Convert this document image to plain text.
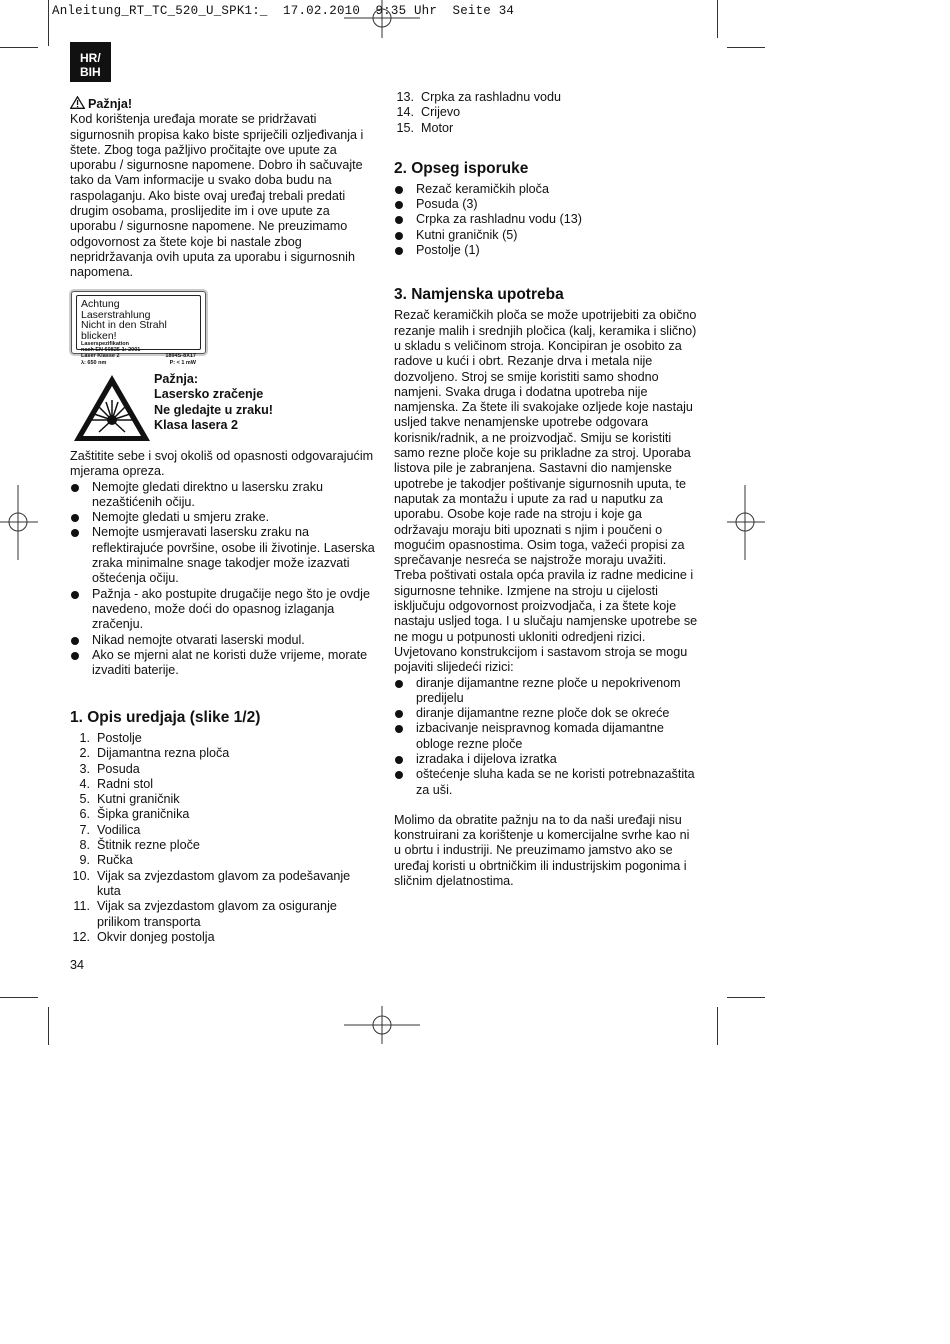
Anleitung_RT_TC_520_U_SPK1:_ 17.02.2010 9:35 Uhr Seite 34
HR/
BIH

Pažnja!

Kod korištenja uređaja morate se pridržavati sigurnosnih propisa kako biste spriječili ozljeđivanja i štete. Zbog toga pažljivo pročitajte ove upute za uporabu / sigurnosne napomene. Dobro ih sačuvajte tako da Vam informacije u svako doba budu na raspolaganju. Ako biste ovaj uređaj trebali predati drugim osobama, proslijedite im i ove upute za uporabu / sigurnosne napomene. Ne preuzimamo odgovornost za štete koje bi nastale zbog nepridržavanja ovih uputa za uporabu i sigurnosnih napomena.

Achtung
Laserstrahlung
Nicht in den Strahl blicken!
Laserspezifikation
nach EN 60825-1: 2001
Laser Klasse 2	1894S-8X17
λ: 650 nm	P: < 1 mW
Pažnja:
Lasersko zračenje
Ne gledajte u zraku!
Klasa lasera 2

Zaštitite sebe i svoj okoliš od opasnosti odgovarajućim mjerama opreza.

Nemojte gledati direktno u lasersku zraku nezaštićenih očiju.
Nemojte gledati u smjeru zrake.
Nemojte usmjeravati lasersku zraku na reflektirajuće površine, osobe ili životinje. Laserska zraka minimalne snage takodjer može izazvati oštećenja očiju.
Pažnja - ako postupite drugačije nego što je ovdje navedeno, može doći do opasnog izlaganja zračenju.
Nikad nemojte otvarati laserski modul.
Ako se mjerni alat ne koristi duže vrijeme, morate izvaditi baterije.
1. Opis uredjaja (slike 1/2)
1. Postolje
2. Dijamantna rezna ploča
3. Posuda
4. Radni stol
5. Kutni graničnik
6. Šipka graničnika
7. Vodilica
8. Štitnik rezne ploče
9. Ručka
10. Vijak sa zvjezdastom glavom za podešavanje kuta
11. Vijak sa zvjezdastom glavom za osiguranje prilikom transporta
12. Okvir donjeg postolja
34
13. Crpka za rashladnu vodu
14. Crijevo
15. Motor
2. Opseg isporuke
Rezač keramičkih ploča
Posuda (3)
Crpka za rashladnu vodu (13)
Kutni graničnik (5)
Postolje (1)
3. Namjenska upotreba

Rezač keramičkih ploča se može upotrijebiti za obično rezanje malih i srednjih pločica (kalj, keramika i slično) u skladu s veličinom stroja. Koncipiran je osobito za radove u kući i obrt. Rezanje drva i metala nije dozvoljeno. Stroj se smije koristiti samo shodno namjeni. Svaka druga i dodatna upotreba nije namjenska. Za štete ili svakojake ozljede koje nastaju usljed takve nenamjenske upotrebe odgovara korisnik/radnik, a ne proizvodjač. Smiju se koristiti samo rezne ploče koje su prikladne za stroj. Uporaba listova pile je zabranjena. Sastavni dio namjenske upotrebe je takodjer poštivanje sigurnosnih uputa, te naputak za montažu i upute za rad u naputku za uporabu. Osobe koje rade na stroju i koje ga održavaju moraju biti upoznati s njim i poučeni o mogućim opasnostima. Osim toga, važeći propisi za sprečavanje nesreća se najstrože moraju uvažiti. Treba poštivati ostala opća pravila iz radne medicine i sigurnosne tehnike. Izmjene na stroju u cijelosti isključuju odgovornost proizvodjača, i za štete koje nastaju usljed toga. I u slučaju namjenske upotrebe se ne mogu u potpunosti ukloniti odredjeni rizici. Uvjetovano konstrukcijom i sastavom stroja se mogu pojaviti slijedeći rizici:

diranje dijamantne rezne ploče u nepokrivenom predijelu
diranje dijamantne rezne ploče dok se okreće
izbacivanje neispravnog komada dijamantne obloge rezne ploče
izradaka i dijelova izratka
oštećenje sluha kada se ne koristi potrebnazaštita za uši.

Molimo da obratite pažnju na to da naši uređaji nisu konstruirani za korištenje u komercijalne svrhe kao ni u obrtu i industriji. Ne preuzimamo jamstvo ako se uređaj koristi u obrtničkim ili industrijskim pogonima i sličnim djelatnostima.
